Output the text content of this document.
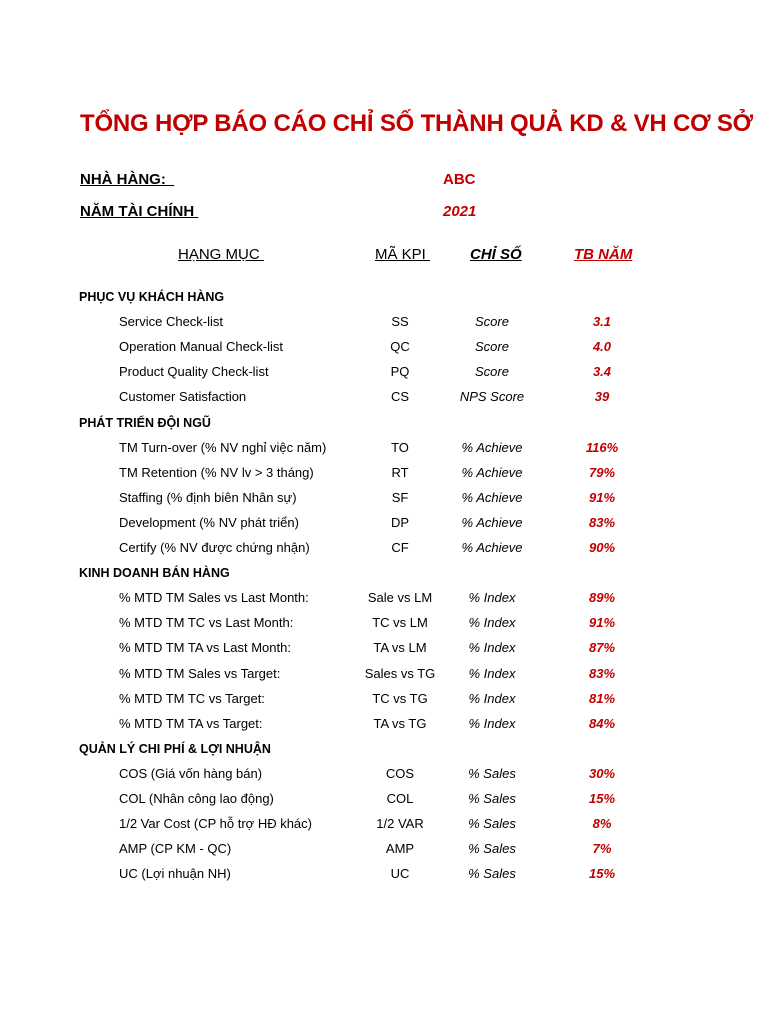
TỔNG HỢP BÁO CÁO CHỈ SỐ THÀNH QUẢ KD & VH CƠ SỞ
NHÀ HÀNG:	ABC
NĂM TÀI CHÍNH	2021
HẠNG MỤC	MÃ KPI	CHỈ SỐ	TB NĂM
PHỤC VỤ KHÁCH HÀNG
Service Check-list	SS	Score	3.1
Operation Manual Check-list	QC	Score	4.0
Product Quality Check-list	PQ	Score	3.4
Customer Satisfaction	CS	NPS Score	39
PHÁT TRIỂN ĐỘI NGŨ
TM Turn-over (% NV nghỉ việc năm)	TO	% Achieve	116%
TM Retention (% NV lv > 3 tháng)	RT	% Achieve	79%
Staffing (% định biên Nhân sự)	SF	% Achieve	91%
Development (% NV phát triển)	DP	% Achieve	83%
Certify (% NV được chứng nhận)	CF	% Achieve	90%
KINH DOANH BÁN HÀNG
% MTD TM Sales vs Last Month:	Sale vs LM	% Index	89%
% MTD TM TC vs Last Month:	TC vs LM	% Index	91%
% MTD TM TA vs Last Month:	TA vs LM	% Index	87%
% MTD TM Sales vs Target:	Sales vs TG	% Index	83%
% MTD TM TC vs Target:	TC vs TG	% Index	81%
% MTD TM TA vs Target:	TA vs TG	% Index	84%
QUẢN LÝ CHI PHÍ & LỢI NHUẬN
COS (Giá vốn hàng bán)	COS	% Sales	30%
COL (Nhân công lao động)	COL	% Sales	15%
1/2 Var Cost (CP hỗ trợ HĐ khác)	1/2 VAR	% Sales	8%
AMP (CP KM - QC)	AMP	% Sales	7%
UC (Lợi nhuận NH)	UC	% Sales	15%
